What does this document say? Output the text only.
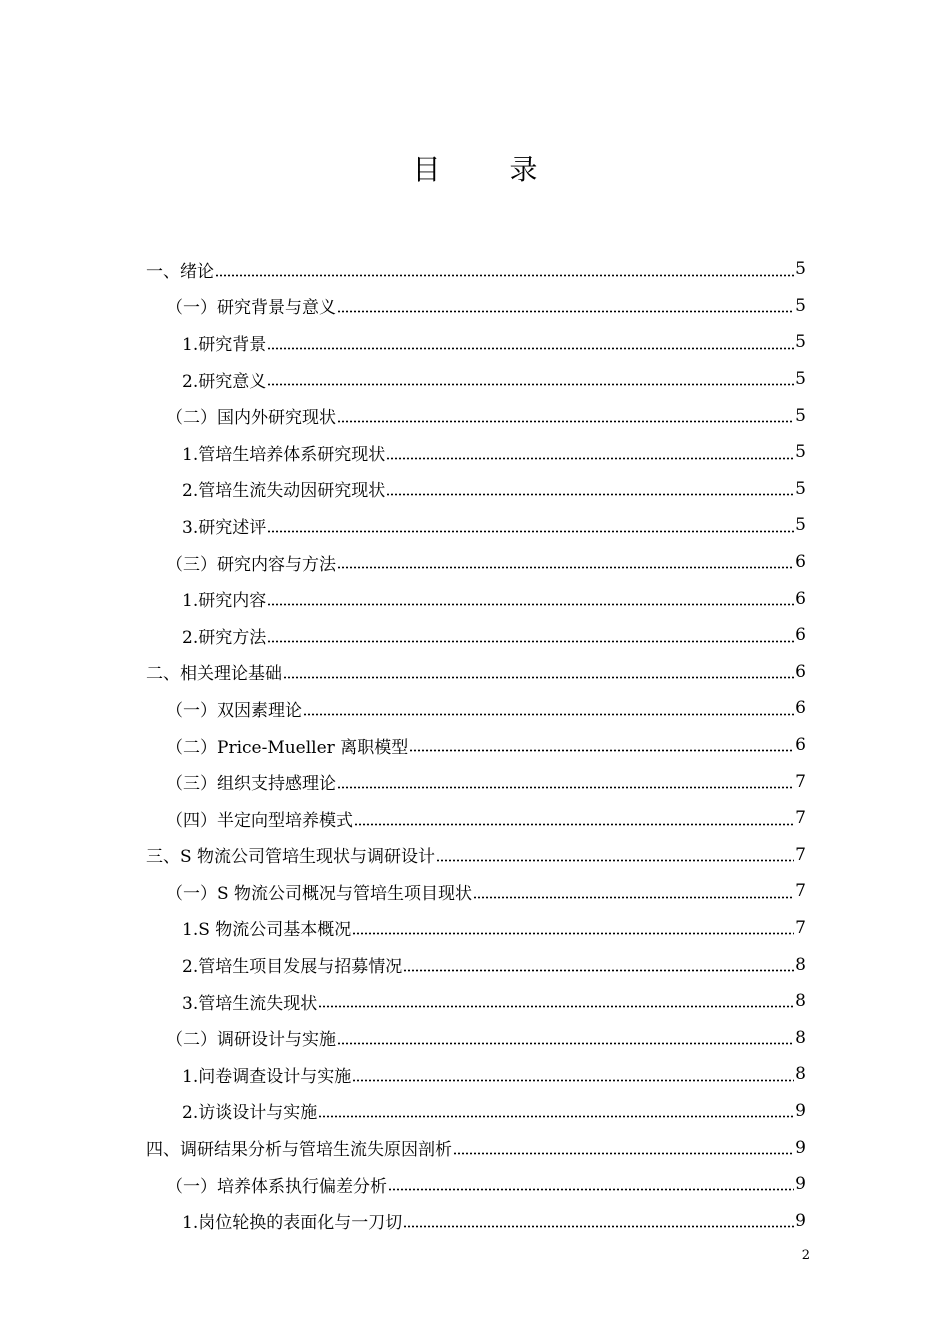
目 录
一、绪论	5
（一）研究背景与意义	5
1.研究背景	5
2.研究意义	5
（二）国内外研究现状	5
1.管培生培养体系研究现状	5
2.管培生流失动因研究现状	5
3.研究述评	5
（三）研究内容与方法	6
1.研究内容	6
2.研究方法	6
二、相关理论基础	6
（一）双因素理论	6
（二）Price-Mueller 离职模型	6
（三）组织支持感理论	7
（四）半定向型培养模式	7
三、S 物流公司管培生现状与调研设计	7
（一）S 物流公司概况与管培生项目现状	7
1.S 物流公司基本概况	7
2.管培生项目发展与招募情况	8
3.管培生流失现状	8
（二）调研设计与实施	8
1.问卷调查设计与实施	8
2.访谈设计与实施	9
四、调研结果分析与管培生流失原因剖析	9
（一）培养体系执行偏差分析	9
1.岗位轮换的表面化与一刀切	9
2
